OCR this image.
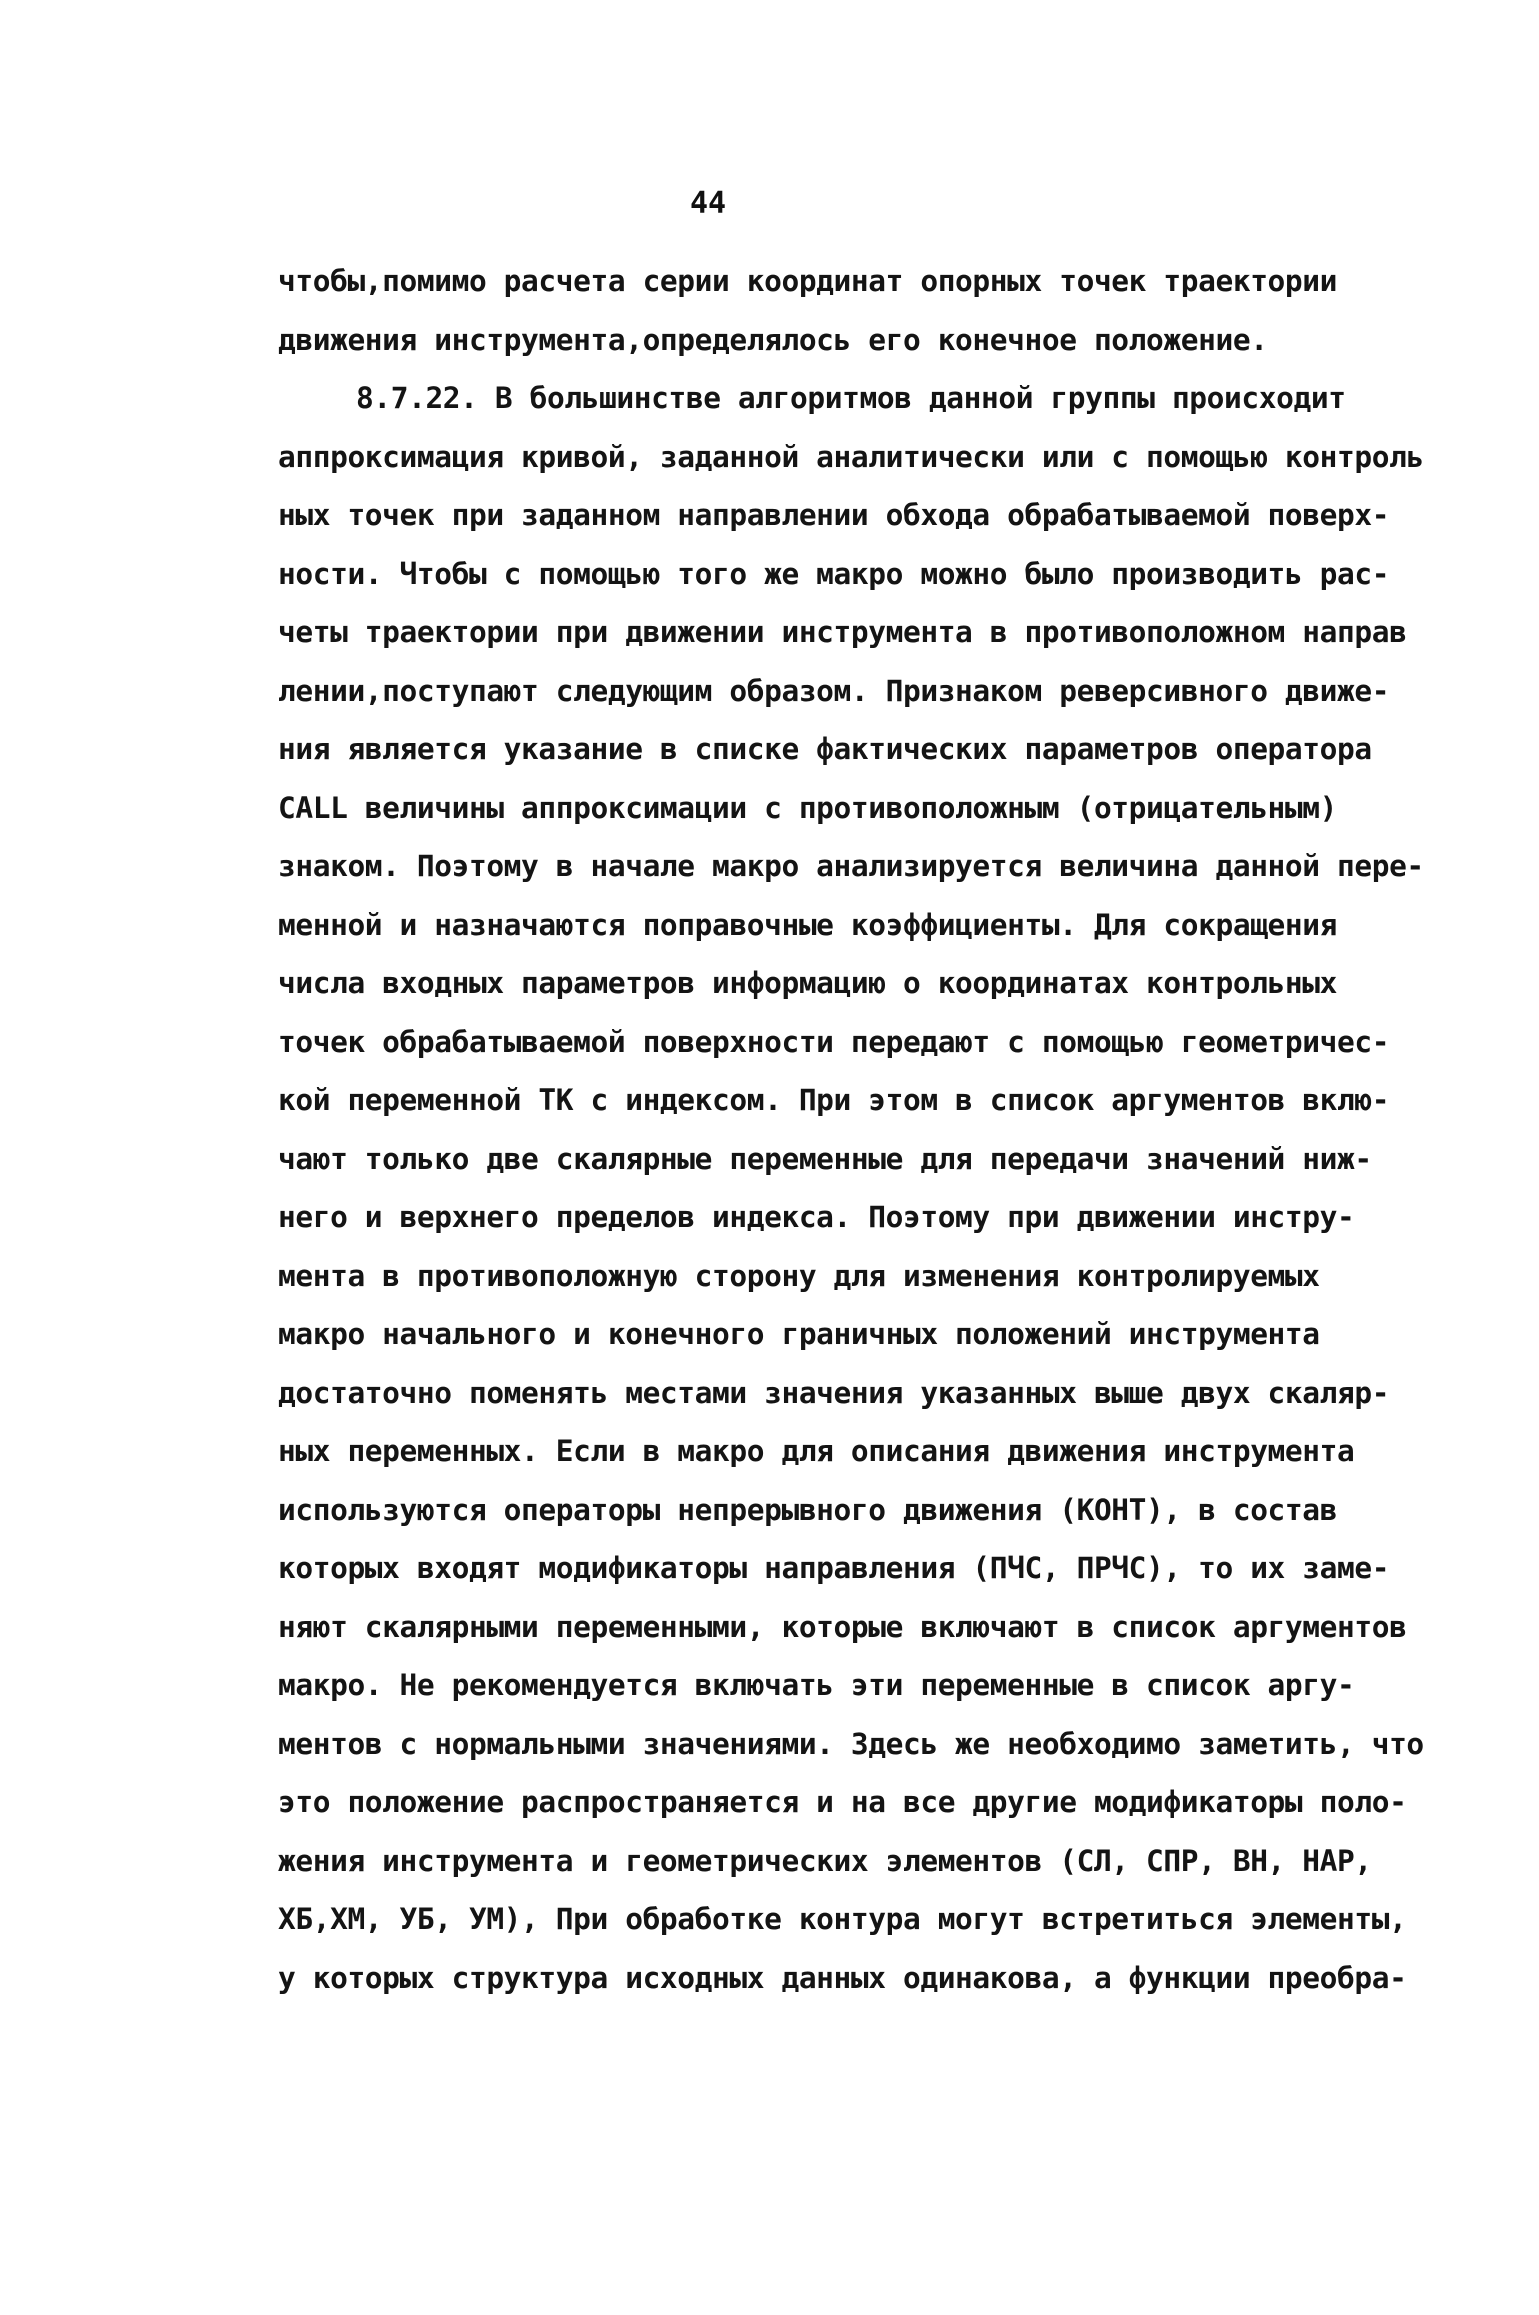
44
чтобы,помимо расчета серии координат опорных точек траектории
движения инструмента,определялось его конечное положение.
8.7.22. В большинстве алгоритмов данной группы происходит
аппроксимация кривой, заданной аналитически или с помощью контроль
ных точек при заданном направлении обхода обрабатываемой поверх-
ности. Чтобы с помощью того же макро можно было производить рас-
четы траектории при движении инструмента в противоположном направ
лении,поступают следующим образом. Признаком реверсивного движе-
ния является указание в списке фактических параметров оператора
CALL величины аппроксимации с противоположным (отрицательным)
знаком. Поэтому в начале макро анализируется величина данной пере-
менной и назначаются поправочные коэффициенты. Для сокращения
числа входных параметров информацию о координатах контрольных
точек обрабатываемой поверхности передают с помощью геометричес-
кой переменной ТК с индексом. При этом в список аргументов вклю-
чают только две скалярные переменные для передачи значений ниж-
него и верхнего пределов индекса. Поэтому при движении инстру-
мента в противоположную сторону для изменения контролируемых
макро начального и конечного граничных положений инструмента
достаточно поменять местами значения указанных выше двух скаляр-
ных переменных. Если в макро для описания движения инструмента
используются операторы непрерывного движения (КОНТ), в состав
которых входят модификаторы направления (ПЧС, ПРЧС), то их заме-
няют скалярными переменными, которые включают в список аргументов
макро. Не рекомендуется включать эти переменные в список аргу-
ментов с нормальными значениями. Здесь же необходимо заметить, что
это положение распространяется и на все другие модификаторы поло-
жения инструмента и геометрических элементов (СЛ, СПР, ВН, НАР,
ХБ,ХМ, УБ, УМ), При обработке контура могут встретиться элементы,
у которых структура исходных данных одинакова, а функции преобра-
